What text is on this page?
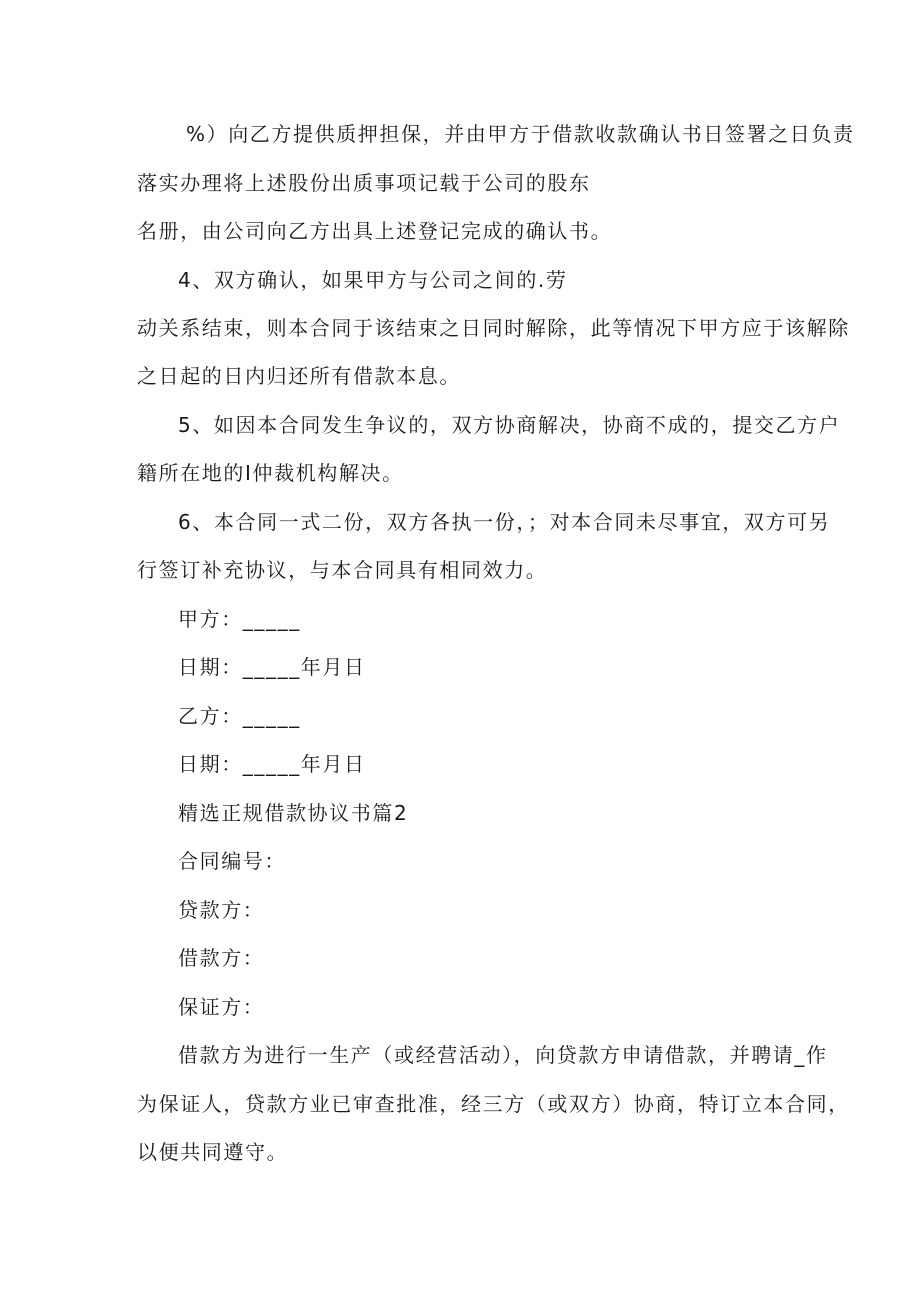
%）向乙方提供质押担保，并由甲方于借款收款确认书日签署之日负责
落实办理将上述股份出质事项记载于公司的股东
名册，由公司向乙方出具上述登记完成的确认书。
4、双方确认，如果甲方与公司之间的.劳
动关系结束，则本合同于该结束之日同时解除，此等情况下甲方应于该解除
之日起的日内归还所有借款本息。
5、如因本合同发生争议的，双方协商解决，协商不成的，提交乙方户
籍所在地的I仲裁机构解决。
6、本合同一式二份，双方各执一份，；对本合同未尽事宜，双方可另
行签订补充协议，与本合同具有相同效力。
甲方：_____
日期：_____年月日
乙方：_____
日期：_____年月日
精选正规借款协议书篇2
合同编号：
贷款方：
借款方：
保证方：
借款方为进行一生产（或经营活动），向贷款方申请借款，并聘请_作
为保证人，贷款方业已审查批准，经三方（或双方）协商，特订立本合同，
以便共同遵守。
